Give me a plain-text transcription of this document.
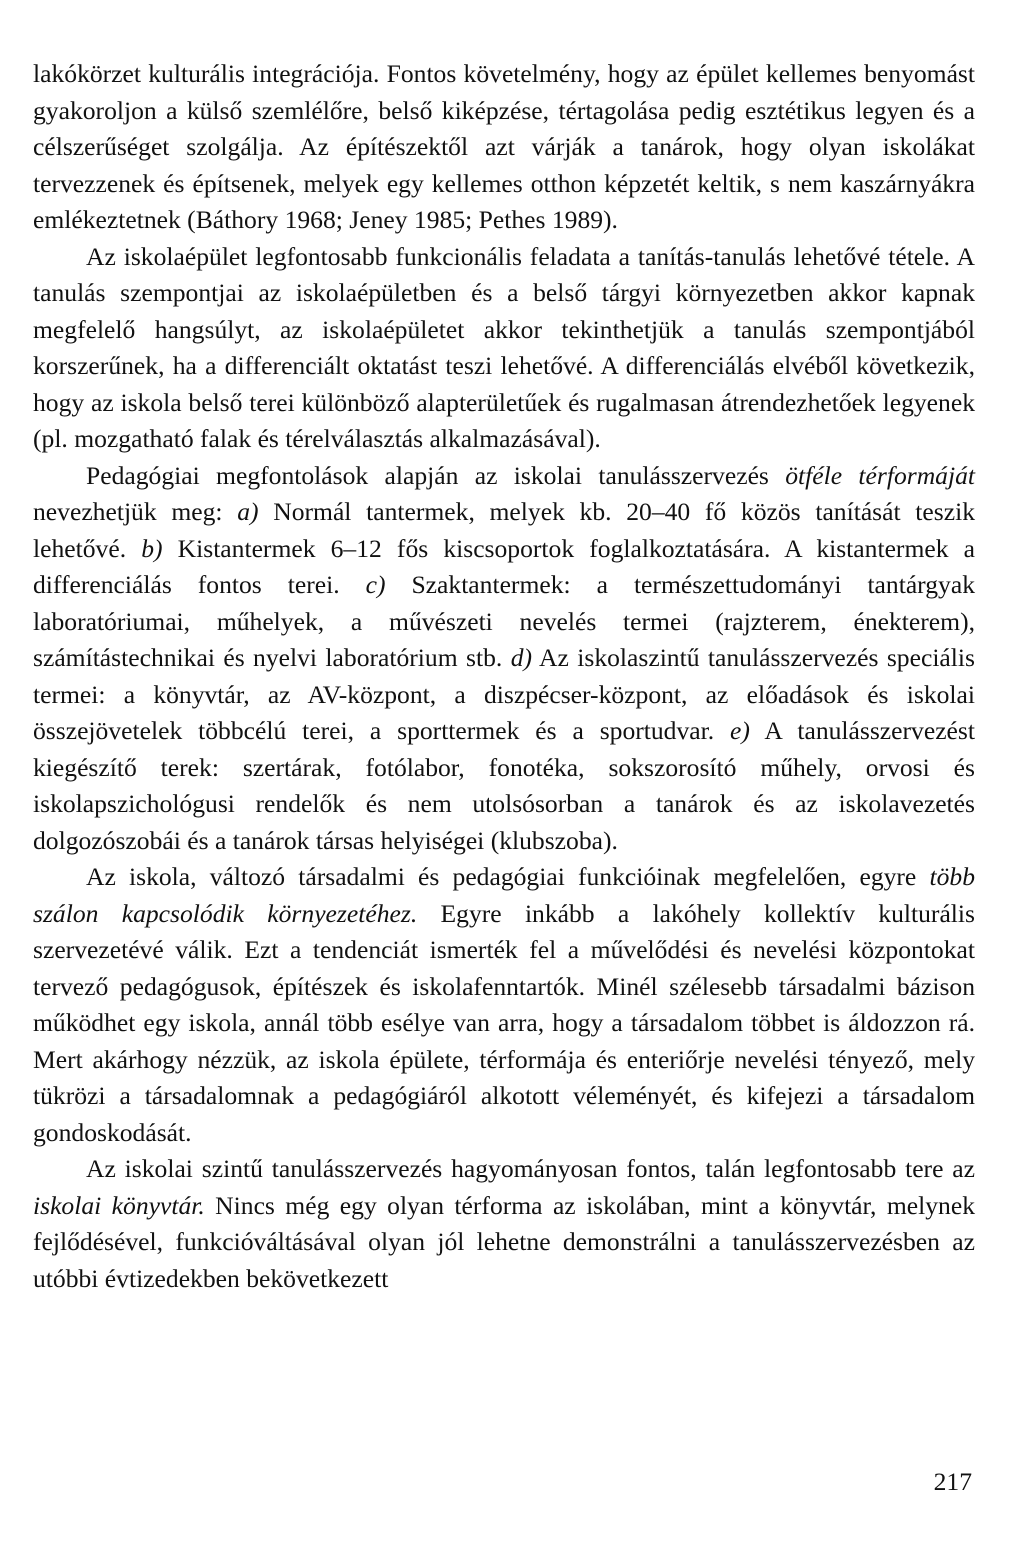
lakókörzet kulturális integrációja. Fontos követelmény, hogy az épület kellemes benyomást gyakoroljon a külső szemlélőre, belső kiképzése, tértagolása pedig esztétikus legyen és a célszerűséget szolgálja. Az építészektől azt várják a tanárok, hogy olyan iskolákat tervezzenek és építsenek, melyek egy kellemes otthon képzetét keltik, s nem kaszárnyákra emlékeztetnek (Báthory 1968; Jeney 1985; Pethes 1989).

Az iskolaépület legfontosabb funkcionális feladata a tanítás-tanulás lehetővé tétele. A tanulás szempontjai az iskolaépületben és a belső tárgyi környezetben akkor kapnak megfelelő hangsúlyt, az iskolaépületet akkor tekinthetjük a tanulás szempontjából korszerűnek, ha a differenciált oktatást teszi lehetővé. A differenciálás elvéből következik, hogy az iskola belső terei különböző alapterületűek és rugalmasan átrendezhetőek legyenek (pl. mozgatható falak és térelválasztás alkalmazásával).

Pedagógiai megfontolások alapján az iskolai tanulásszervezés ötféle térformáját nevezhetjük meg: a) Normál tantermek, melyek kb. 20–40 fő közös tanítását teszik lehetővé. b) Kistantermek 6–12 fős kiscsoportok foglalkoztatására. A kistantermek a differenciálás fontos terei. c) Szaktantermek: a természettudományi tantárgyak laboratóriumai, műhelyek, a művészeti nevelés termei (rajzterem, énekterem), számítástechnikai és nyelvi laboratórium stb. d) Az iskolaszintű tanulásszervezés speciális termei: a könyvtár, az AV-központ, a diszpécser-központ, az előadások és iskolai összejövetelek többcélú terei, a sporttermek és a sportudvar. e) A tanulásszervezést kiegészítő terek: szertárak, fotólabor, fonotéka, sokszorosító műhely, orvosi és iskolapszichológusi rendelők és nem utolsósorban a tanárok és az iskolavezetés dolgozószobái és a tanárok társas helyiségei (klubszoba).

Az iskola, változó társadalmi és pedagógiai funkcióinak megfelelően, egyre több szálon kapcsolódik környezetéhez. Egyre inkább a lakóhely kollektív kulturális szervezetévé válik. Ezt a tendenciát ismerték fel a művelődési és nevelési központokat tervező pedagógusok, építészek és iskolafenntartók. Minél szélesebb társadalmi bázison működhet egy iskola, annál több esélye van arra, hogy a társadalom többet is áldozzon rá. Mert akárhogy nézzük, az iskola épülete, térformája és enteriőrje nevelési tényező, mely tükrözi a társadalomnak a pedagógiáról alkotott véleményét, és kifejezi a társadalom gondoskodását.

Az iskolai szintű tanulásszervezés hagyományosan fontos, talán legfontosabb tere az iskolai könyvtár. Nincs még egy olyan térforma az iskolában, mint a könyvtár, melynek fejlődésével, funkcióváltásával olyan jól lehetne demonstrálni a tanulásszervezésben az utóbbi évtizedekben bekövetkezett

217
